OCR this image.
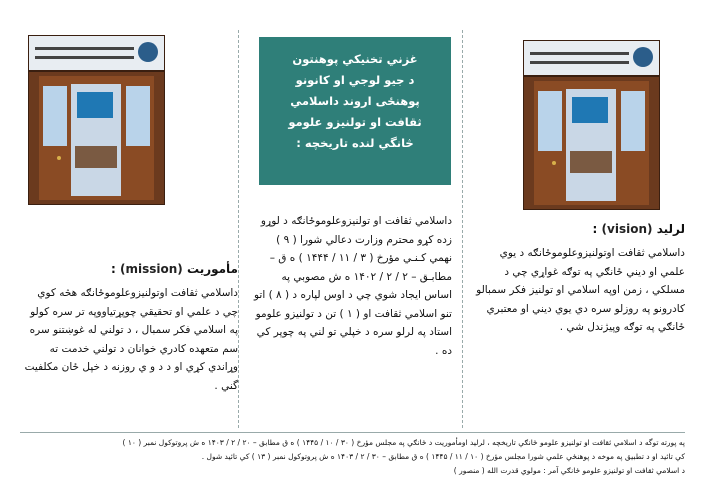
غزني تخنيكي پوهنتون
د جيو لوجي او كانونو
پوهنځی اروند داسلامي
ثقافت او تولنيزو علومو
څانگي لنده تاريخچه :
لرليد (vision) :
داسلامي ثقافت اوتولنيزوعلوموځانګه د يوي علمي او ديني ځانګي په توګه غواړي چي د مسلكي ، زمن اوپه اسلامي او تولنيز فكر سمبالو كادرونو په روزلو سره دي يوي ديني او معتبري ځانګي په توګه وپيژندل شي .
داسلامي ثقافت او تولنيزوعلوموځانګه د لوړو زده كړو محترم وزارت دعالي شورا ( ۹ ) نهمي كـنـي مؤرخ ( ۳ / ۱۱ / ۱۴۴۴ ) ه ق – مطابـق – ۲ / ۲ / ۱۴۰۲ ه ش مصوبي په اساس ايجاد شوي چي د اوس لپاره د ( ۸ ) اتو تنو اسلامي ثقافت او ( ۱ ) تن د تولنيزو علومو استاد په لرلو سره د خپلي تو لني په چوپر كي ده .
مأموريت (mission) :
داسلامي ثقافت اوتولنيزوعلوموځانګه هڅه كوي چي د علمي او تحقيقي چوپړتياووپه تر سره كولو په اسلامي فكر سمبال ، د تولني له غوښتنو سره سم متعهده كادري خوانان د تولني خدمت ته وړاندي كړي او د د و ي روزنه د خپل ځان مكلفيت گني .
په پورته توگه د اسلامي ثقافت او تولنيزو علومو ځانګي تاريخچه ، لرليد اومأموريت د ځانګي په مجلس مؤرخ ( ۳۰ / ۱۰ / ۱۴۴۵ ) ه ق مطابق – ۲۰ / ۲ / ۱۴۰۳ ه ش پروتوكول نمبر ( ۱۰ )
كي تائيد او د تطبيق په موخه د پوهنځي علمي شورا مجلس مؤرخ ( ۱۰ / ۱۱ / ۱۴۴۵ ) ه ق مطابق – ۳۰ / ۲ / ۱۴۰۳ ه ش پروتوكول نمبر ( ۱۳ ) كي تائيد شول .
د اسلامي ثقافت او تولنيزو علومو ځانګي آمر : مولوي قدرت الله ( منصور )
